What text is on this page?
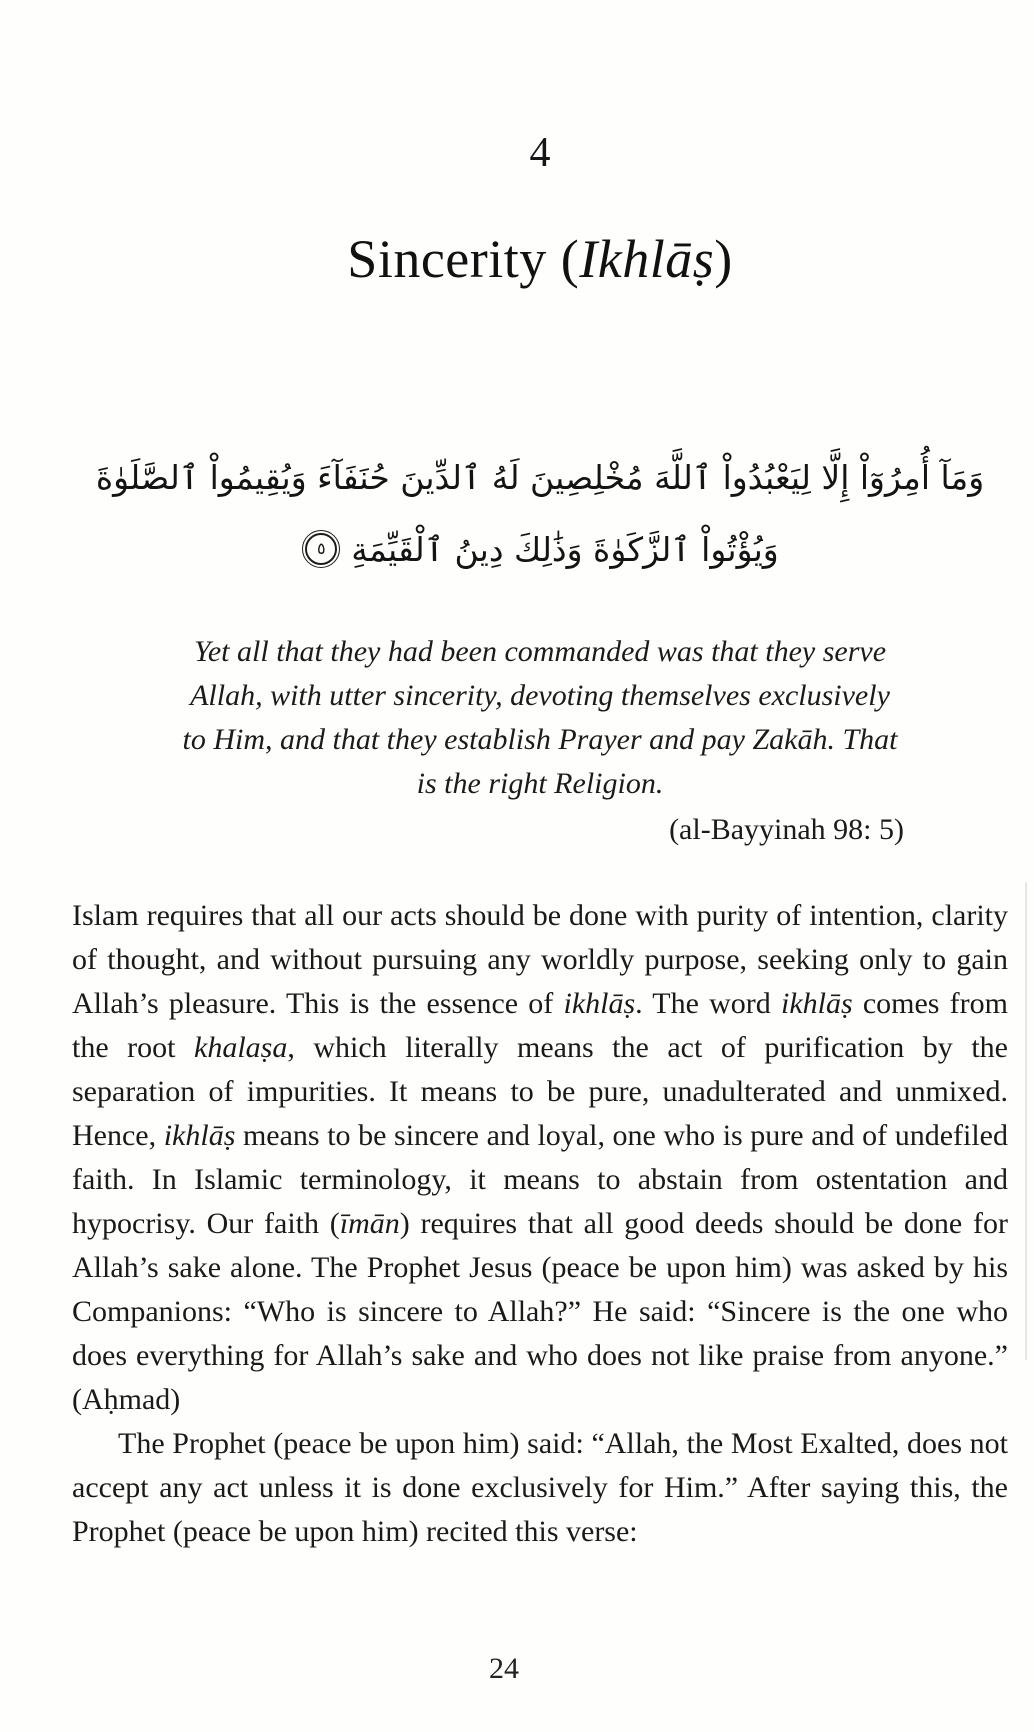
4
Sincerity (Ikhlāṣ)
وَمَآ أُمِرُوٓاْ إِلَّا لِيَعْبُدُواْ ٱللَّهَ مُخْلِصِينَ لَهُ ٱلدِّينَ حُنَفَآءَ وَيُقِيمُواْ ٱلصَّلَوٰةَ
وَيُؤْتُواْ ٱلزَّكَوٰةَ وَذَٰلِكَ دِينُ ٱلْقَيِّمَةِ٥
Yet all that they had been commanded was that they serve Allah, with utter sincerity, devoting themselves exclusively to Him, and that they establish Prayer and pay Zakāh. That is the right Religion.
(al-Bayyinah 98: 5)

Islam requires that all our acts should be done with purity of intention, clarity of thought, and without pursuing any worldly purpose, seeking only to gain Allah’s pleasure. This is the essence of ikhlāṣ. The word ikhlāṣ comes from the root khalaṣa, which literally means the act of purification by the separation of impurities. It means to be pure, unadulterated and unmixed. Hence, ikhlāṣ means to be sincere and loyal, one who is pure and of undefiled faith. In Islamic terminology, it means to abstain from ostentation and hypocrisy. Our faith (īmān) requires that all good deeds should be done for Allah’s sake alone. The Prophet Jesus (peace be upon him) was asked by his Companions: “Who is sincere to Allah?” He said: “Sincere is the one who does everything for Allah’s sake and who does not like praise from anyone.” (Aḥmad)

The Prophet (peace be upon him) said: “Allah, the Most Exalted, does not accept any act unless it is done exclusively for Him.” After saying this, the Prophet (peace be upon him) recited this verse:

24
